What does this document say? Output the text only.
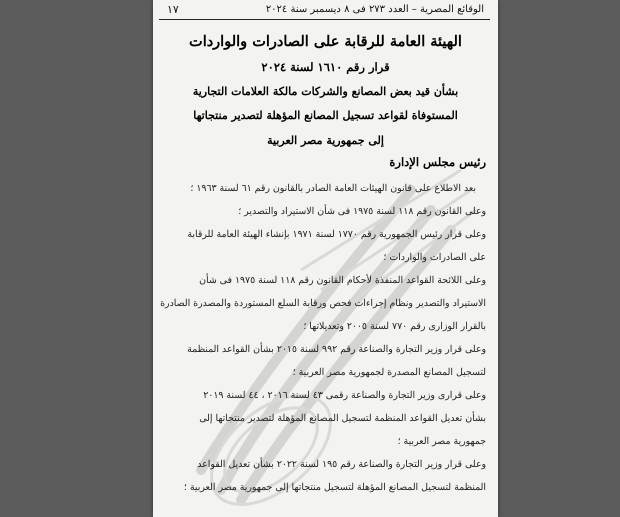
الوقائع المصرية – العدد ٢٧٣ فى ٨ ديسمبر سنة ٢٠٢٤
١٧
الهيئة العامة للرقابة على الصادرات والواردات
قرار رقم ١٦١٠ لسنة ٢٠٢٤
بشأن قيد بعض المصانع والشركات مالكة العلامات التجارية
المستوفاة لقواعد تسجيل المصانع المؤهلة لتصدير منتجاتها
إلى جمهورية مصر العربية
رئيس مجلس الإدارة
بعد الاطلاع على قانون الهيئات العامة الصادر بالقانون رقم ٦١ لسنة ١٩٦٣ ؛
وعلى القانون رقم ١١٨ لسنة ١٩٧٥ فى شأن الاستيراد والتصدير ؛
وعلى قرار رئيس الجمهورية رقم ١٧٧٠ لسنة ١٩٧١ بإنشاء الهيئة العامة للرقابة
على الصادرات والواردات ؛
وعلى اللائحة القواعد المنفذة لأحكام القانون رقم ١١٨ لسنة ١٩٧٥ فى شأن
الاستيراد والتصدير ونظام إجراءات فحص ورقابة السلع المستوردة والمصدرة الصادرة
بالقرار الوزارى رقم ٧٧٠ لسنة ٢٠٠٥ وتعديلاتها ؛
وعلى قرار وزير التجارة والصناعة رقم ٩٩٢ لسنة ٢٠١٥ بشأن القواعد المنظمة
لتسجيل المصانع المصدرة لجمهورية مصر العربية ؛
وعلى قرارى وزير التجارة والصناعة رقمى ٤٣ لسنة ٢٠١٦ ، ٤٤ لسنة ٢٠١٩
بشأن تعديل القواعد المنظمة لتسجيل المصانع المؤهلة لتصدير منتجاتها إلى
جمهورية مصر العربية ؛
وعلى قرار وزير التجارة والصناعة رقم ١٩٥ لسنة ٢٠٢٢ بشأن تعديل القواعد
المنظمة لتسجيل المصانع المؤهلة لتسجيل منتجاتها إلى جمهورية مصر العربية ؛
